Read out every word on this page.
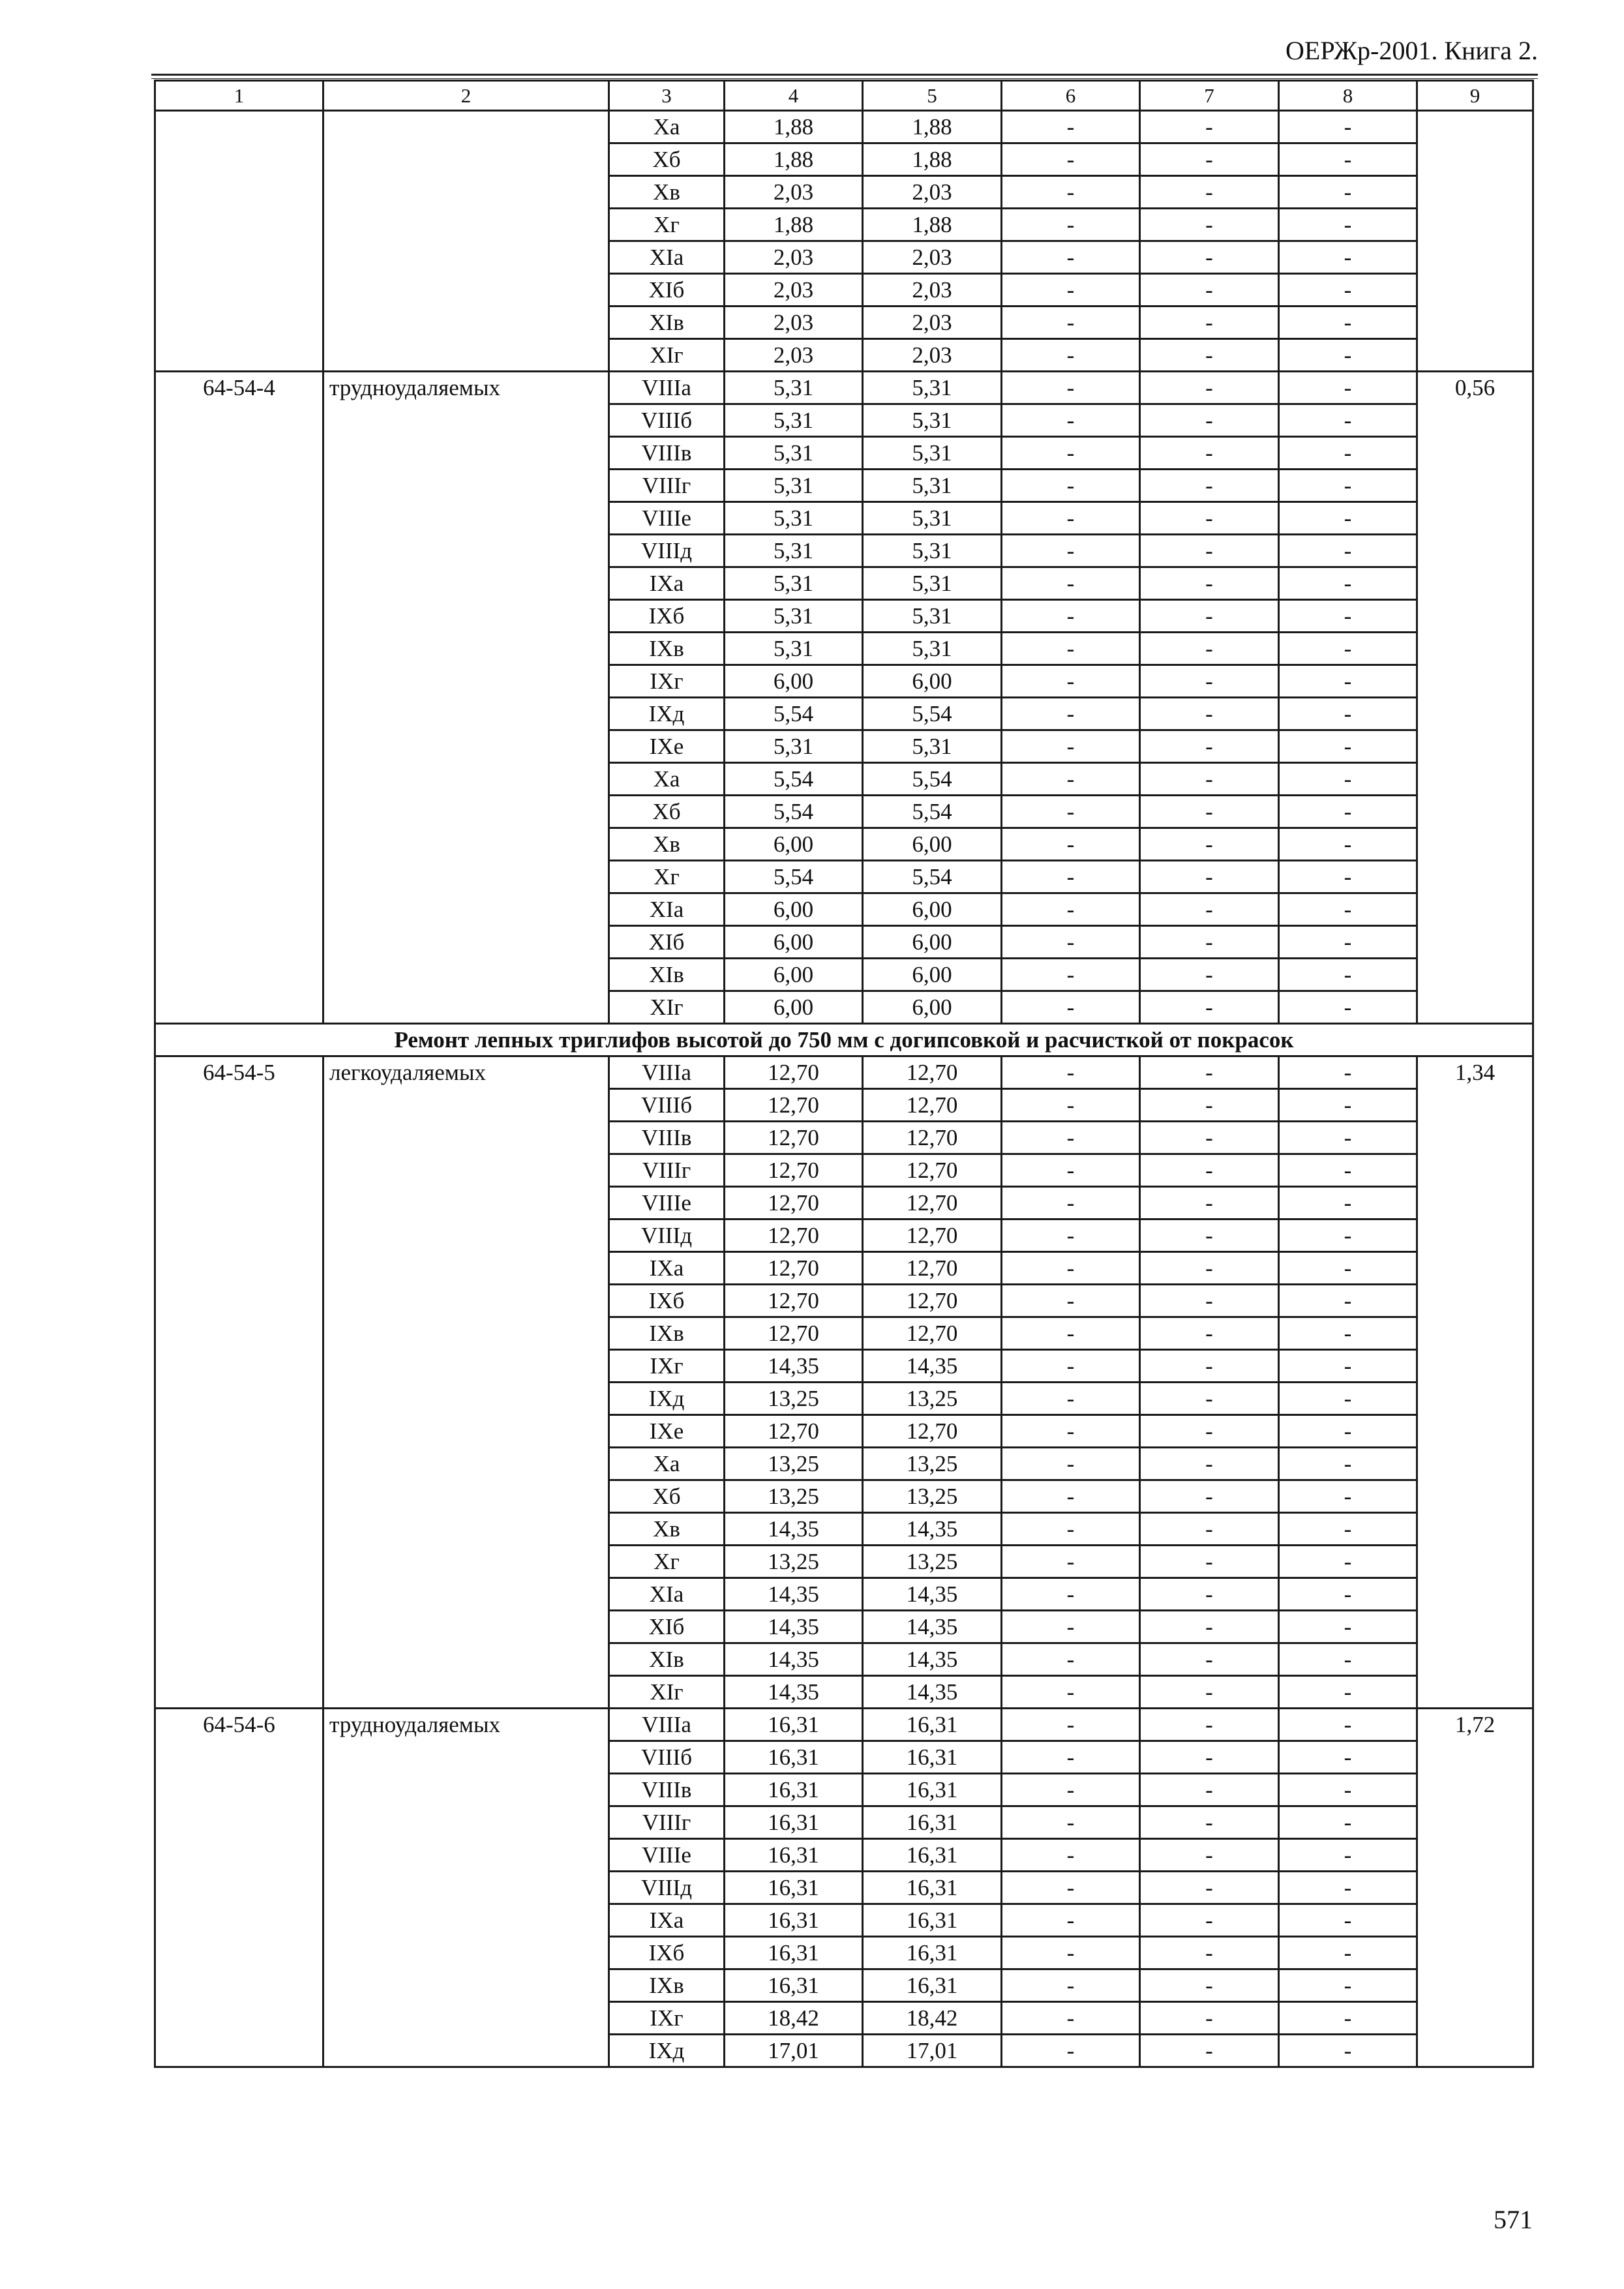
ОЕРЖр-2001. Книга 2.
1	2	3	4	5	6	7	8	9
		Xа	1,88	1,88	-	-	-	
		Xб	1,88	1,88	-	-	-	
		Xв	2,03	2,03	-	-	-	
		Xг	1,88	1,88	-	-	-	
		XIа	2,03	2,03	-	-	-	
		XIб	2,03	2,03	-	-	-	
		XIв	2,03	2,03	-	-	-	
		XIг	2,03	2,03	-	-	-	
64-54-4	трудноудаляемых	VIIIа	5,31	5,31	-	-	-	0,56
		VIIIб	5,31	5,31	-	-	-	
		VIIIв	5,31	5,31	-	-	-	
		VIIIг	5,31	5,31	-	-	-	
		VIIIе	5,31	5,31	-	-	-	
		VIIIд	5,31	5,31	-	-	-	
		IXа	5,31	5,31	-	-	-	
		IXб	5,31	5,31	-	-	-	
		IXв	5,31	5,31	-	-	-	
		IXг	6,00	6,00	-	-	-	
		IXд	5,54	5,54	-	-	-	
		IXе	5,31	5,31	-	-	-	
		Xа	5,54	5,54	-	-	-	
		Xб	5,54	5,54	-	-	-	
		Xв	6,00	6,00	-	-	-	
		Xг	5,54	5,54	-	-	-	
		XIа	6,00	6,00	-	-	-	
		XIб	6,00	6,00	-	-	-	
		XIв	6,00	6,00	-	-	-	
		XIг	6,00	6,00	-	-	-	
Ремонт лепных триглифов высотой до 750 мм с догипсовкой и расчисткой от покрасок								
64-54-5	легкоудаляемых	VIIIа	12,70	12,70	-	-	-	1,34
		VIIIб	12,70	12,70	-	-	-	
		VIIIв	12,70	12,70	-	-	-	
		VIIIг	12,70	12,70	-	-	-	
		VIIIе	12,70	12,70	-	-	-	
		VIIIд	12,70	12,70	-	-	-	
		IXа	12,70	12,70	-	-	-	
		IXб	12,70	12,70	-	-	-	
		IXв	12,70	12,70	-	-	-	
		IXг	14,35	14,35	-	-	-	
		IXд	13,25	13,25	-	-	-	
		IXе	12,70	12,70	-	-	-	
		Xа	13,25	13,25	-	-	-	
		Xб	13,25	13,25	-	-	-	
		Xв	14,35	14,35	-	-	-	
		Xг	13,25	13,25	-	-	-	
		XIа	14,35	14,35	-	-	-	
		XIб	14,35	14,35	-	-	-	
		XIв	14,35	14,35	-	-	-	
		XIг	14,35	14,35	-	-	-	
64-54-6	трудноудаляемых	VIIIа	16,31	16,31	-	-	-	1,72
		VIIIб	16,31	16,31	-	-	-	
		VIIIв	16,31	16,31	-	-	-	
		VIIIг	16,31	16,31	-	-	-	
		VIIIе	16,31	16,31	-	-	-	
		VIIIд	16,31	16,31	-	-	-	
		IXа	16,31	16,31	-	-	-	
		IXб	16,31	16,31	-	-	-	
		IXв	16,31	16,31	-	-	-	
		IXг	18,42	18,42	-	-	-	
		IXд	17,01	17,01	-	-	-	
571
